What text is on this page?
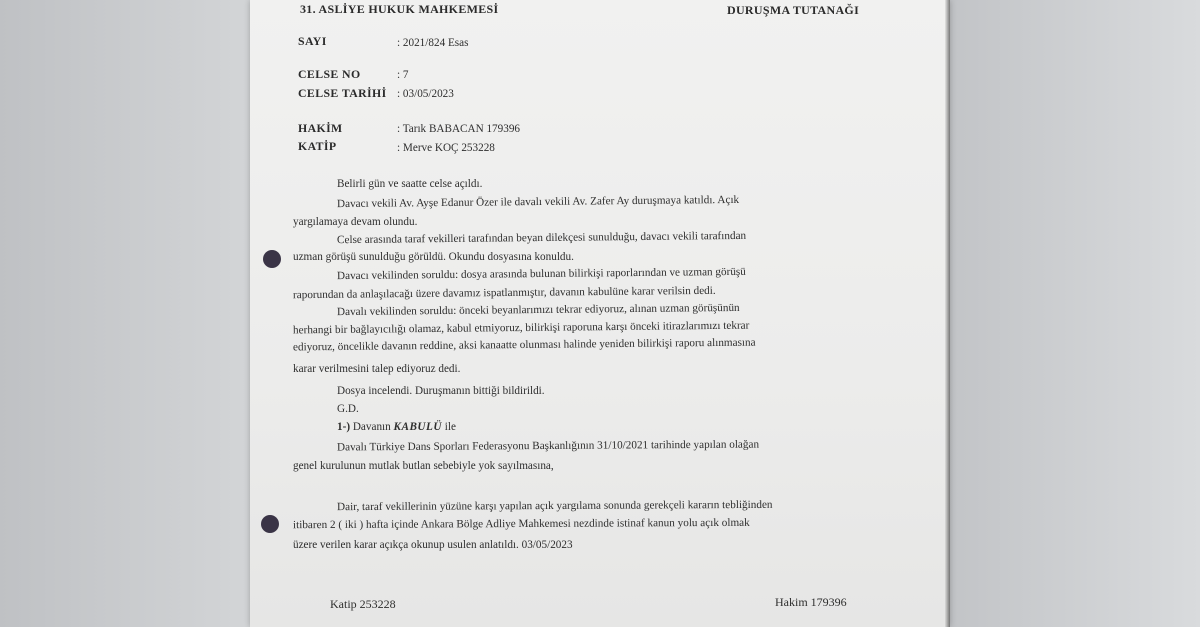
31. ASLİYE HUKUK MAHKEMESİ	DURUŞMA TUTANAĞI
SAYI	: 2021/824 Esas
CELSE NO	: 7
CELSE TARİHİ : 03/05/2023
HAKİM	: Tarık BABACAN 179396
KATİP	: Merve KOÇ 253228
Belirli gün ve saatte celse açıldı.
Davacı vekili Av. Ayşe Edanur Özer ile davalı vekili Av. Zafer Ay duruşmaya katıldı. Açık
yargılamaya devam olundu.
Celse arasında taraf vekilleri tarafından beyan dilekçesi sunulduğu, davacı vekili tarafından
uzman görüşü sunulduğu görüldü. Okundu dosyasına konuldu.
Davacı vekilinden soruldu: dosya arasında bulunan bilirkişi raporlarından ve uzman görüşü
raporundan da anlaşılacağı üzere davamız ispatlanmıştır, davanın kabulüne karar verilsin dedi.
Davalı vekilinden soruldu: önceki beyanlarımızı tekrar ediyoruz, alınan uzman görüşünün
herhangi bir bağlayıcılığı olamaz, kabul etmiyoruz, bilirkişi raporuna karşı önceki itirazlarımızı tekrar
ediyoruz, öncelikle davanın reddine, aksi kanaatte olunması halinde yeniden bilirkişi raporu alınmasına
karar verilmesini talep ediyoruz dedi.
Dosya incelendi. Duruşmanın bittiği bildirildi.
G.D.
1-) Davanın KABULÜ ile
Davalı Türkiye Dans Sporları Federasyonu Başkanlığının 31/10/2021 tarihinde yapılan olağan
genel kurulunun mutlak butlan sebebiyle yok sayılmasına,
Dair, taraf vekillerinin yüzüne karşı yapılan açık yargılama sonunda gerekçeli kararın tebliğinden
itibaren 2 ( iki ) hafta içinde Ankara Bölge Adliye Mahkemesi nezdinde istinaf kanun yolu açık olmak
üzere verilen karar açıkça okunup usulen anlatıldı. 03/05/2023
Katip 253228	Hakim 179396
